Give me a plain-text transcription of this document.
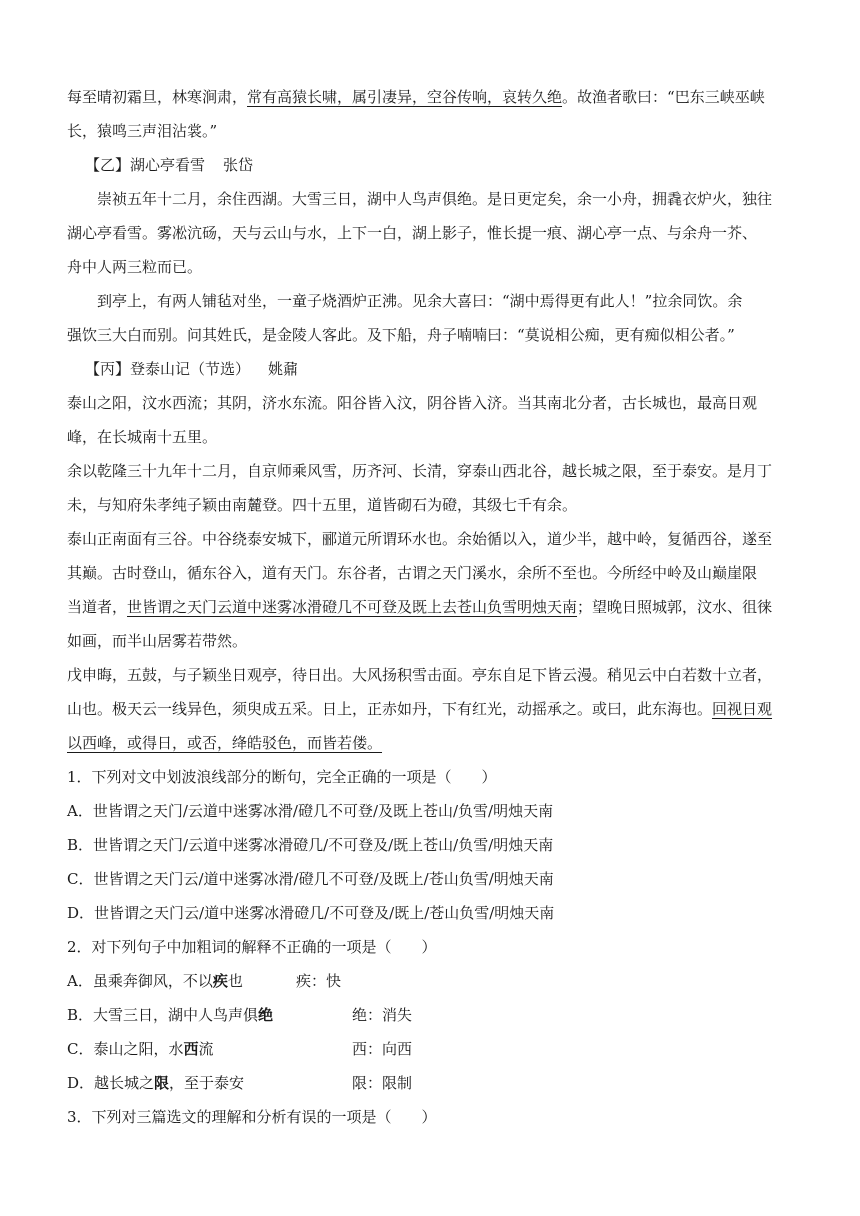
每至晴初霜旦，林寒涧肃，常有高猿长啸，属引凄异，空谷传响，哀转久绝。故渔者歌曰：“巴东三峡巫峡

长，猿鸣三声泪沾裳。”

【乙】湖心亭看雪 张岱

崇祯五年十二月，余住西湖。大雪三日，湖中人鸟声俱绝。是日更定矣，余一小舟，拥毳衣炉火，独往

湖心亭看雪。雾凇沆砀，天与云山与水，上下一白，湖上影子，惟长提一痕、湖心亭一点、与余舟一芥、

舟中人两三粒而已。

到亭上，有两人铺毡对坐，一童子烧酒炉正沸。见余大喜曰：“湖中焉得更有此人！”拉余同饮。余

强饮三大白而别。问其姓氏，是金陵人客此。及下船，舟子喃喃曰：“莫说相公痴，更有痴似相公者。”

【丙】登泰山记（节选） 姚鼐

泰山之阳，汶水西流；其阴，济水东流。阳谷皆入汶，阴谷皆入济。当其南北分者，古长城也，最高日观

峰，在长城南十五里。

余以乾隆三十九年十二月，自京师乘风雪，历齐河、长清，穿泰山西北谷，越长城之限，至于泰安。是月丁

未，与知府朱孝纯子颖由南麓登。四十五里，道皆砌石为磴，其级七千有余。

泰山正南面有三谷。中谷绕泰安城下，郦道元所谓环水也。余始循以入，道少半，越中岭，复循西谷，遂至

其巅。古时登山，循东谷入，道有天门。东谷者，古谓之天门溪水，余所不至也。今所经中岭及山巅崖限

当道者，世皆谓之天门云道中迷雾冰滑磴几不可登及既上去苍山负雪明烛天南；望晚日照城郭，汶水、徂徕

如画，而半山居雾若带然。

戊申晦，五鼓，与子颖坐日观亭，待日出。大风扬积雪击面。亭东自足下皆云漫。稍见云中白若数十立者，

山也。极天云一线异色，须臾成五采。日上，正赤如丹，下有红光，动摇承之。或曰，此东海也。回视日观

以西峰，或得日，或否，绛皓驳色，而皆若偻。

1．下列对文中划波浪线部分的断句，完全正确的一项是（　　）

A．世皆谓之天门/云道中迷雾冰滑/磴几不可登/及既上苍山/负雪/明烛天南

B．世皆谓之天门/云道中迷雾冰滑磴几/不可登及/既上苍山/负雪/明烛天南

C．世皆谓之天门云/道中迷雾冰滑/磴几不可登/及既上/苍山负雪/明烛天南

D．世皆谓之天门云/道中迷雾冰滑磴几/不可登及/既上/苍山负雪/明烛天南

2．对下列句子中加粗词的解释不正确的一项是（　　）

A．虽乘奔御风，不以疾也	疾：快
B．大雪三日，湖中人鸟声俱绝	绝：消失
C．泰山之阳，水西流	西：向西
D．越长城之限，至于泰安	限：限制

3．下列对三篇选文的理解和分析有误的一项是（　　）
